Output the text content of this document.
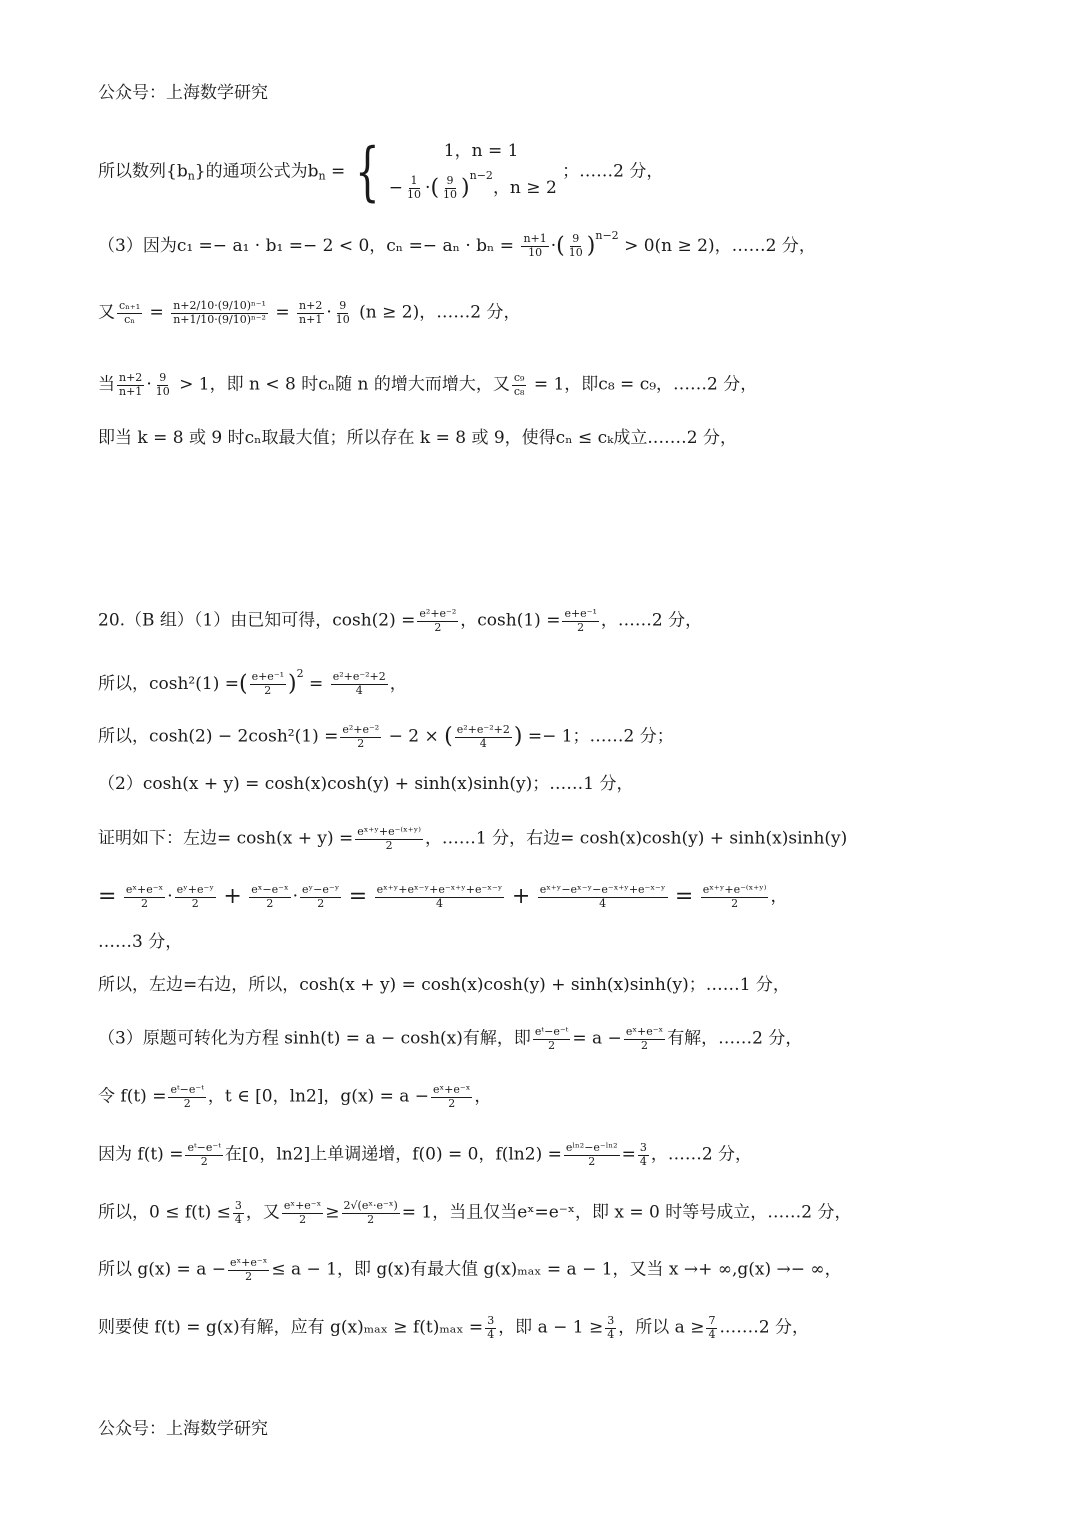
公众号：上海数学研究
所以数列$\{b_n\}$的通项公式为$b_n$ = {	1，n = 1
− $\frac{1}{10}$ ·( $\frac{9}{10} )^{n-2}$，n ≥ 2
；……2 分，
（3）因为c₁ =− a₁ · b₁ =− 2 < 0，$c_n =- a_n \cdot b_n = \frac{n+1}{10}$ ·( $\frac{9}{10} )^{n-2} > 0(n \ge 2)$，……2 分，
又 $\frac{\text{cₙ₊₁}}{\text{cₙ}} = \frac{\text{n+2/10·(9/10)ⁿ⁻¹}}{\text{n+1/10·(9/10)ⁿ⁻²}} = \frac{n+2}{n+1} \cdot \frac{9}{10} (n \ge 2)$，……2 分，
当 $\frac{n+2}{n+1} \cdot \frac{9}{10} > 1$，即 n < 8 时cₙ随 n 的增大而增大，又 $\frac{\text{c₉}}{\text{c₈}} = 1$，即c₈ = c₉，……2 分，
即当 k = 8 或 9 时cₙ取最大值；所以存在 k = 8 或 9，使得cₙ ≤ cₖ成立.……2 分，
20.（B 组）（1）由已知可得，$\cosh(2) = \frac{\text{e²+e⁻²}}{2}$ ，$\cosh(1) = \frac{\text{e+e⁻¹}}{2}$ ，……2 分，
所以，cosh²(1) =( $\frac{\text{e+e⁻¹}}{2} )^2 = \frac{\text{e²+e⁻²+2}}{4}$ ，
所以，$\cosh(2) - 2\cosh^2(1) = \frac{\text{e²+e⁻²}}{2} - 2$ × ( $\frac{\text{e²+e⁻²+2}}{4}$ ) =− 1；……2 分；
（2）cosh(x + y) = cosh(x)cosh(y) + sinh(x)sinh(y)；……1 分，
证明如下：左边= $\cosh(x + y) = \frac{\text{eˣ⁺ʸ+e⁻⁽ˣ⁺ʸ⁾}}{2}$ ，……1 分，右边= cosh(x)cosh(y) + sinh(x)sinh(y)
= $\frac{\text{eˣ+e⁻ˣ}}{2} \cdot \frac{\text{eʸ+e⁻ʸ}}{2} + \frac{\text{eˣ−e⁻ˣ}}{2} \cdot \frac{\text{eʸ−e⁻ʸ}}{2} = \frac{\text{eˣ⁺ʸ+eˣ⁻ʸ+e⁻ˣ⁺ʸ+e⁻ˣ⁻ʸ}}{4} + \frac{\text{eˣ⁺ʸ−eˣ⁻ʸ−e⁻ˣ⁺ʸ+e⁻ˣ⁻ʸ}}{4} = \frac{\text{eˣ⁺ʸ+e⁻⁽ˣ⁺ʸ⁾}}{2}$ ，
……3 分，
所以，左边=右边，所以，cosh(x + y) = cosh(x)cosh(y) + sinh(x)sinh(y)；……1 分，
（3）原题可转化为方程 sinh(t) = a − cosh(x)有解，即 $\frac{\text{eᵗ−e⁻ᵗ}}{2} = a - \frac{\text{eˣ+e⁻ˣ}}{2}$ 有解，……2 分，
令 $f(t) = \frac{\text{eᵗ−e⁻ᵗ}}{2}$ ，t ∈ [0，ln2]，$g(x) = a - \frac{\text{eˣ+e⁻ˣ}}{2}$ ，
因为 $f(t) = \frac{\text{eᵗ−e⁻ᵗ}}{2}$ 在[0，ln2]上单调递增，f(0) = 0，f(ln2) = eˡⁿ²−e⁻ˡⁿ²
$2 = \frac{3}{4}$ ，……2 分，
所以，$0 \le f(t) \le \frac{3}{4}$ ，又 $\frac{\text{eˣ+e⁻ˣ}}{2} \ge \frac{\text{2√(eˣ·e⁻ˣ)}}{2} = 1$，当且仅当eˣ=e⁻ˣ，即 x = 0 时等号成立，……2 分，
所以 $g(x) = a - \frac{\text{eˣ+e⁻ˣ}}{2} \le a - 1$，即 g(x)有最大值 g(x)ₘₐₓ = a − 1，又当 x →+ ∞,g(x) →− ∞，
则要使 f(t) = g(x)有解，应有 $g(x)_{max} \ge f(t)_{max} = \frac{3}{4}$ ，即 $a - 1 \ge \frac{3}{4}$ ，所以 $a \ge \frac{7}{4}$ .……2 分，
公众号：上海数学研究
